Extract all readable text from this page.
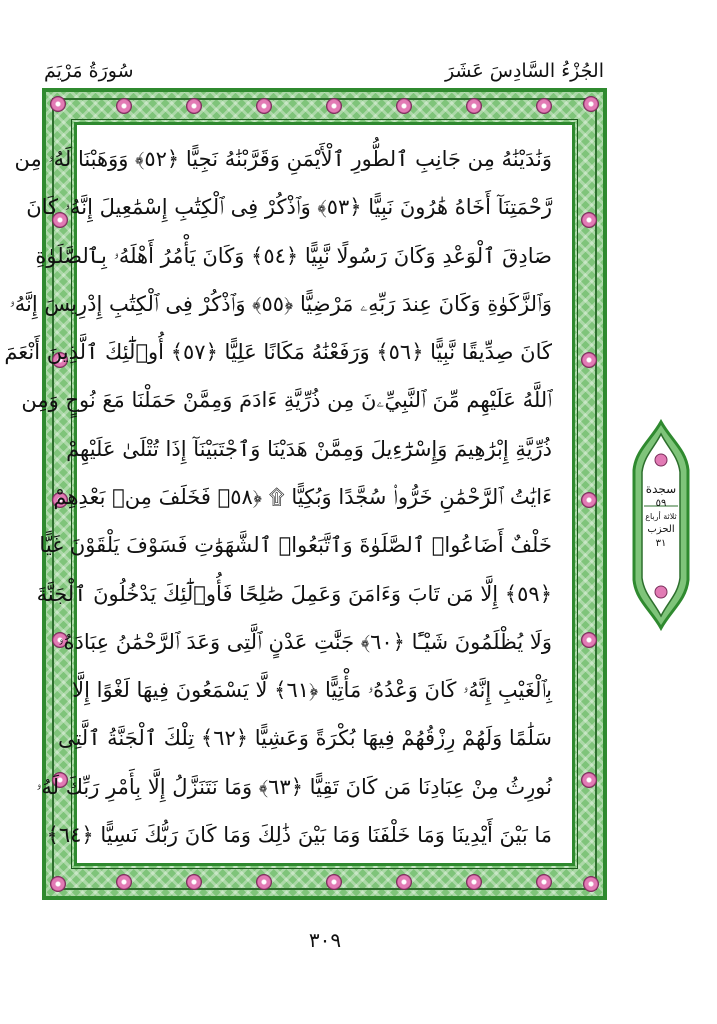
الجُزْءُ السَّادِسَ عَشَرَ
سُورَةُ مَرْيَمَ
وَنَٰدَيْنَٰهُ مِن جَانِبِ ٱلطُّورِ ٱلْأَيْمَنِ وَقَرَّبْنَٰهُ نَجِيًّا ﴿٥٢﴾ وَوَهَبْنَا لَهُۥ مِن
رَّحْمَتِنَآ أَخَاهُ هَٰرُونَ نَبِيًّا ﴿٥٣﴾ وَٱذْكُرْ فِى ٱلْكِتَٰبِ إِسْمَٰعِيلَ إِنَّهُۥ كَانَ
صَادِقَ ٱلْوَعْدِ وَكَانَ رَسُولًا نَّبِيًّا ﴿٥٤﴾ وَكَانَ يَأْمُرُ أَهْلَهُۥ بِٱلصَّلَوٰةِ
وَٱلزَّكَوٰةِ وَكَانَ عِندَ رَبِّهِۦ مَرْضِيًّا ﴿٥٥﴾ وَٱذْكُرْ فِى ٱلْكِتَٰبِ إِدْرِيسَ إِنَّهُۥ
كَانَ صِدِّيقًا نَّبِيًّا ﴿٥٦﴾ وَرَفَعْنَٰهُ مَكَانًا عَلِيًّا ﴿٥٧﴾ أُو۟لَٰٓئِكَ ٱلَّذِينَ أَنْعَمَ
ٱللَّهُ عَلَيْهِم مِّنَ ٱلنَّبِيِّۦنَ مِن ذُرِّيَّةِ ءَادَمَ وَمِمَّنْ حَمَلْنَا مَعَ نُوحٍ وَمِن
ذُرِّيَّةِ إِبْرَٰهِيمَ وَإِسْرَٰٓءِيلَ وَمِمَّنْ هَدَيْنَا وَٱجْتَبَيْنَآ إِذَا تُتْلَىٰ عَلَيْهِمْ
ءَايَٰتُ ٱلرَّحْمَٰنِ خَرُّوا۟ سُجَّدًا وَبُكِيًّا ۩ ﴿٥٨﴾ فَخَلَفَ مِنۢ بَعْدِهِمْ
خَلْفٌ أَضَاعُوا۟ ٱلصَّلَوٰةَ وَٱتَّبَعُوا۟ ٱلشَّهَوَٰتِ فَسَوْفَ يَلْقَوْنَ غَيًّا
﴿٥٩﴾ إِلَّا مَن تَابَ وَءَامَنَ وَعَمِلَ صَٰلِحًا فَأُو۟لَٰٓئِكَ يَدْخُلُونَ ٱلْجَنَّةَ
وَلَا يُظْلَمُونَ شَيْـًٔا ﴿٦٠﴾ جَنَّٰتِ عَدْنٍ ٱلَّتِى وَعَدَ ٱلرَّحْمَٰنُ عِبَادَهُۥ
بِٱلْغَيْبِ إِنَّهُۥ كَانَ وَعْدُهُۥ مَأْتِيًّا ﴿٦١﴾ لَّا يَسْمَعُونَ فِيهَا لَغْوًا إِلَّا
سَلَٰمًا وَلَهُمْ رِزْقُهُمْ فِيهَا بُكْرَةً وَعَشِيًّا ﴿٦٢﴾ تِلْكَ ٱلْجَنَّةُ ٱلَّتِى
نُورِثُ مِنْ عِبَادِنَا مَن كَانَ تَقِيًّا ﴿٦٣﴾ وَمَا نَتَنَزَّلُ إِلَّا بِأَمْرِ رَبِّكَ لَهُۥ
مَا بَيْنَ أَيْدِينَا وَمَا خَلْفَنَا وَمَا بَيْنَ ذَٰلِكَ وَمَا كَانَ رَبُّكَ نَسِيًّا ﴿٦٤﴾
سجدة
٥٩
ثلاثة أرباع
الحزب
٣١
٣٠٩
